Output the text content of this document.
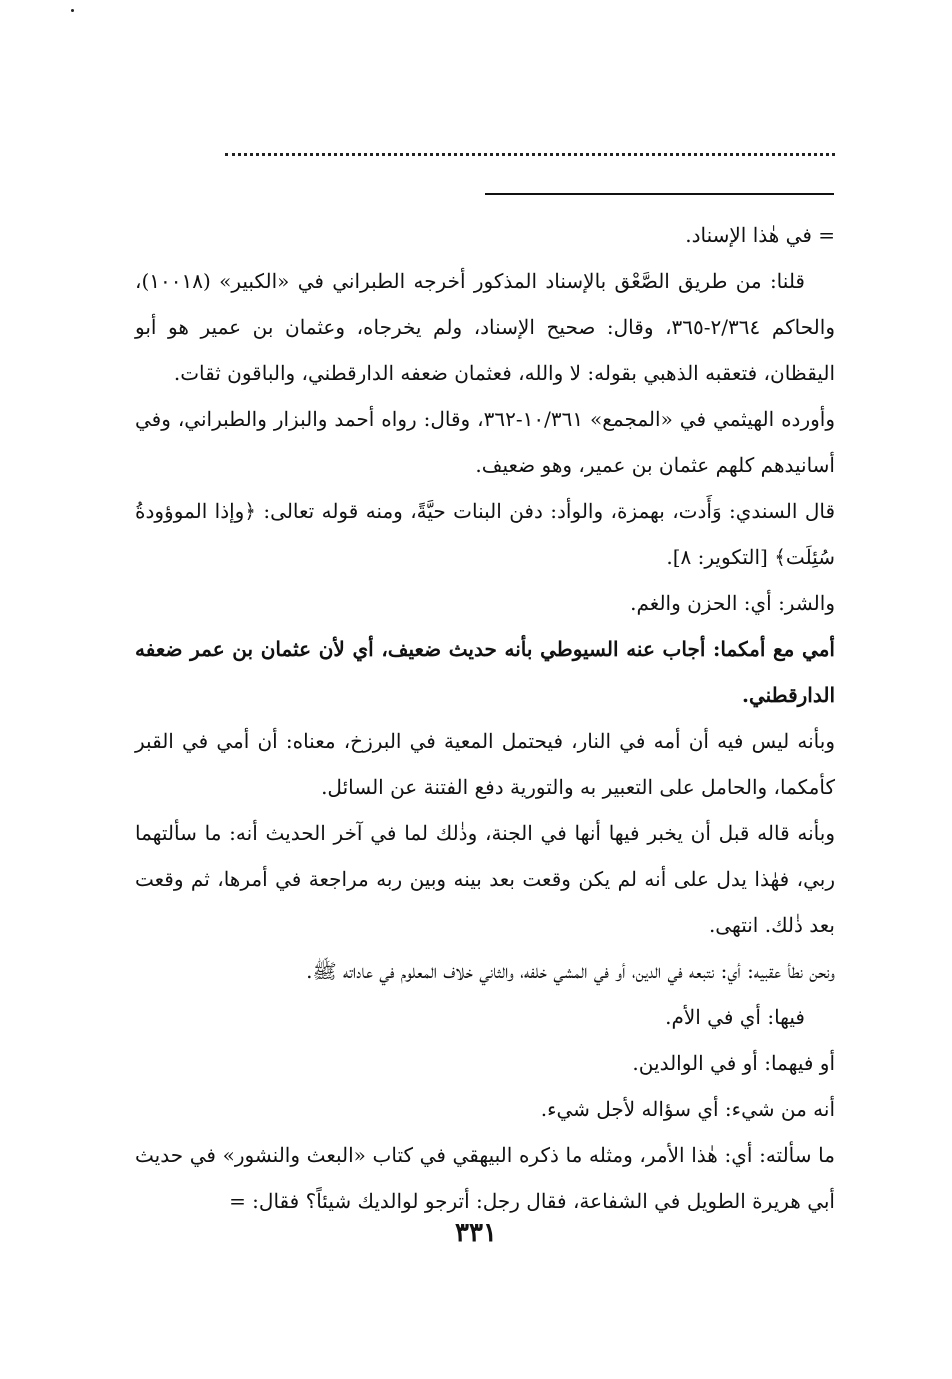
= في هٰذا الإسناد.

قلنا: من طريق الصَّعْق بالإسناد المذكور أخرجه الطبراني في «الكبير» (١٠٠١٨)، والحاكم ٢/٣٦٤-٣٦٥، وقال: صحيح الإسناد، ولم يخرجاه، وعثمان بن عمير هو أبو اليقظان، فتعقبه الذهبي بقوله: لا والله، فعثمان ضعفه الدارقطني، والباقون ثقات.

وأورده الهيثمي في «المجمع» ١٠/٣٦١-٣٦٢، وقال: رواه أحمد والبزار والطبراني، وفي أسانيدهم كلهم عثمان بن عمير، وهو ضعيف.

قال السندي: وَأَدت، بهمزة، والوأد: دفن البنات حيَّةً، ومنه قوله تعالى: ﴿وإذا الموؤودةُ سُئِلَت﴾ [التكوير: ٨].

والشر: أي: الحزن والغم.

أمي مع أمكما: أجاب عنه السيوطي بأنه حديث ضعيف، أي لأن عثمان بن عمر ضعفه الدارقطني.

وبأنه ليس فيه أن أمه في النار، فيحتمل المعية في البرزخ، معناه: أن أمي في القبر كأمكما، والحامل على التعبير به والتورية دفع الفتنة عن السائل.

وبأنه قاله قبل أن يخبر فيها أنها في الجنة، وذٰلك لما في آخر الحديث أنه: ما سألتهما ربي، فهٰذا يدل على أنه لم يكن وقعت بعد بينه وبين ربه مراجعة في أمرها، ثم وقعت بعد ذٰلك. انتهى.

ونحن نطأ عقبيه: أي: نتبعه في الدين، أو في المشي خلفه، والثاني خلاف المعلوم في عاداته ﷺ.

فيها: أي في الأم.

أو فيهما: أو في الوالدين.

أنه من شيء: أي سؤاله لأجل شيء.

ما سألته: أي: هٰذا الأمر، ومثله ما ذكره البيهقي في كتاب «البعث والنشور» في حديث أبي هريرة الطويل في الشفاعة، فقال رجل: أترجو لوالديك شيئاً؟ فقال: =

٣٣١
